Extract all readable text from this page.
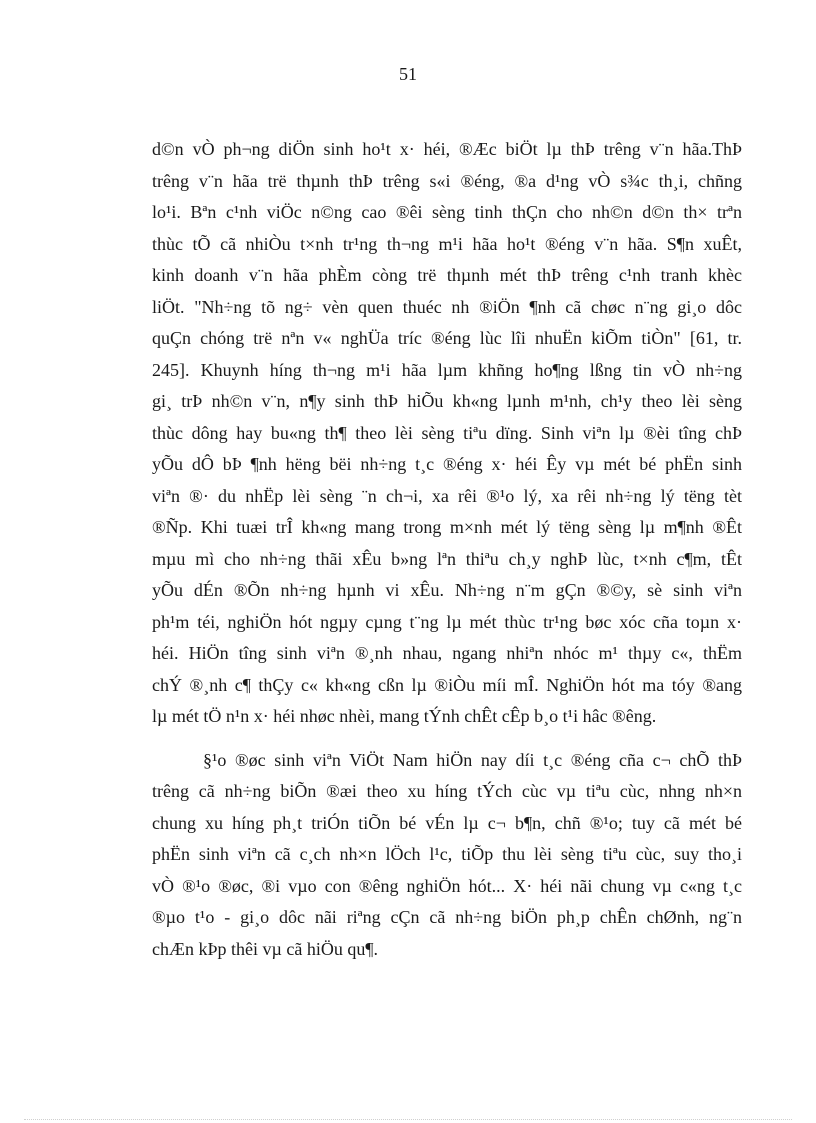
51

d©n vÒ ph¬ng diÖn sinh ho¹t x· héi, ®Æc biÖt lµ thÞ trêng v¨n hãa.ThÞ
trêng v¨n hãa trë thµnh thÞ trêng s«i ®éng, ®a d¹ng vÒ s¾c th¸i, chñng
lo¹i. Bªn c¹nh viÖc n©ng cao ®êi sèng tinh thÇn cho nh©n d©n th× trªn
thùc tÕ cã nhiÒu t×nh tr¹ng th¬ng m¹i hãa ho¹t ®éng v¨n hãa. S¶n xuÊt,
kinh doanh v¨n hãa phÈm còng trë thµnh mét thÞ trêng c¹nh tranh khèc
liÖt. "Nh÷ng tõ ng÷ vèn quen thuéc nh ®iÖn ¶nh cã chøc n¨ng gi¸o dôc
quÇn chóng trë nªn v« nghÜa tríc ®éng lùc lîi nhuËn kiÕm tiÒn" [61, tr.
245]. Khuynh híng th¬ng m¹i hãa lµm khñng ho¶ng lßng tin vÒ nh÷ng
gi¸ trÞ nh©n v¨n, n¶y sinh thÞ hiÕu kh«ng lµnh m¹nh, ch¹y theo lèi sèng
thùc dông hay bu«ng th¶ theo lèi sèng tiªu dïng. Sinh viªn lµ ®èi tîng chÞ
yÕu dÔ bÞ ¶nh hëng bëi nh÷ng t¸c ®éng x· héi Êy vµ mét bé phËn sinh
viªn ®· du nhËp lèi sèng ¨n ch¬i, xa rêi ®¹o lý, xa rêi nh÷ng lý tëng tèt
®Ñp. Khi tuæi trÎ kh«ng mang trong m×nh mét lý tëng sèng lµ m¶nh ®Êt
mµu mì cho nh÷ng thãi xÊu b»ng lªn thiªu ch¸y nghÞ lùc, t×nh c¶m, tÊt
yÕu dÉn ®Õn nh÷ng hµnh vi xÊu. Nh÷ng n¨m gÇn ®©y, sè sinh viªn
ph¹m téi, nghiÖn hót ngµy cµng t¨ng lµ mét thùc tr¹ng bøc xóc cña toµn x·
héi. HiÖn tîng sinh viªn ®¸nh nhau, ngang nhiªn nhóc m¹ thµy c«, thËm
chÝ ®¸nh c¶ thÇy c« kh«ng cßn lµ ®iÒu míi mÎ. NghiÖn hót ma tóy ®ang
lµ mét tÖ n¹n x· héi nhøc nhèi, mang tÝnh chÊt cÊp b¸o t¹i hâc ®êng.

§¹o ®øc sinh viªn ViÖt Nam hiÖn nay díi t¸c ®éng cña c¬ chÕ thÞ
trêng cã nh÷ng biÕn ®æi theo xu híng tÝch cùc vµ tiªu cùc, nhng nh×n
chung xu híng ph¸t triÓn tiÕn bé vÉn lµ c¬ b¶n, chñ ®¹o; tuy cã mét bé
phËn sinh viªn cã c¸ch nh×n lÖch l¹c, tiÕp thu lèi sèng tiªu cùc, suy tho¸i
vÒ ®¹o ®øc, ®i vµo con ®êng nghiÖn hót... X· héi nãi chung vµ c«ng t¸c
®µo t¹o - gi¸o dôc nãi riªng cÇn cã nh÷ng biÖn ph¸p chÊn chØnh, ng¨n
chÆn kÞp thêi vµ cã hiÖu qu¶.
